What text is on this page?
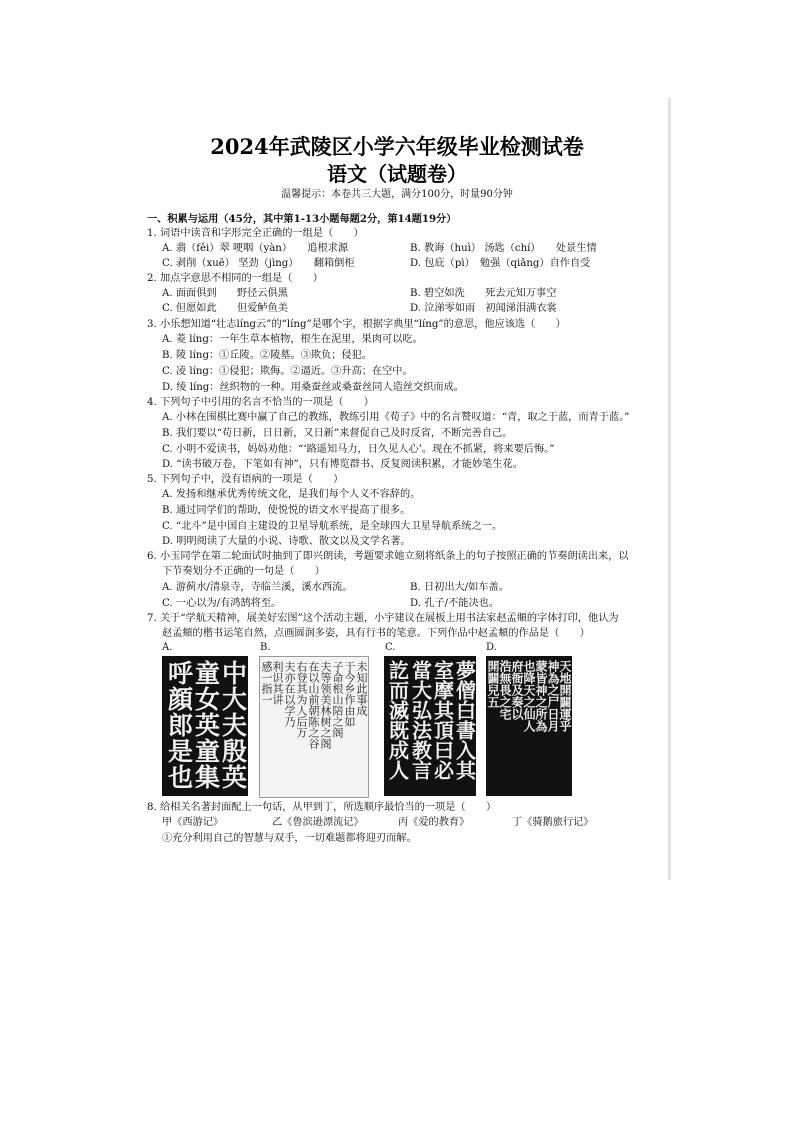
2024年武陵区小学六年级毕业检测试卷
语文（试题卷）
温馨提示：本卷共三大题，满分100分，时量90分钟
一、积累与运用（45分，其中第1-13小题每题2分，第14题19分）
1. 词语中读音和字形完全正确的一组是（　　）
A. 翡（fěi）翠 哽咽（yàn）　　追根求源	B. 教诲（huì） 汤匙（chí）　　处景生情
C. 剥削（xuē） 坚劲（jìng）　　翻箱倒柜	D. 包庇（pì）　勉强（qiǎng）自作自受
2. 加点字意思不相同的一组是（　　）
A. 面面俱到　　野径云俱黑	B. 碧空如洗　　死去元知万事空
C. 但愿如此　　但爱鲈鱼美	D. 泣涕零如雨　初闻涕泪满衣裳
3. 小乐想知道“壮志líng云”的“líng”是哪个字，根据字典里“líng”的意思，他应该选（　　）
A. 菱 líng：一年生草本植物，根生在泥里，果肉可以吃。
B. 陵 líng：①丘陵。②陵墓。③欺负；侵犯。
C. 凌 líng：①侵犯；欺侮。②逼近。③升高；在空中。
D. 绫 líng：丝织物的一种。用桑蚕丝或桑蚕丝同人造丝交织而成。
4. 下列句子中引用的名言不恰当的一项是（　　）
A. 小林在围棋比赛中赢了自己的教练，教练引用《荀子》中的名言赞叹道：“青，取之于蓝，而青于蓝。”
B. 我们要以“苟日新，日日新，又日新”来督促自己及时反省，不断完善自己。
C. 小明不爱读书，妈妈劝他：“‘路遥知马力，日久见人心’。现在不抓紧，将来要后悔。”
D. “读书破万卷，下笔如有神”，只有博览群书、反复阅读积累，才能妙笔生花。
5. 下列句子中，没有语病的一项是（　　）
A. 发扬和继承优秀传统文化，是我们每个人义不容辞的。
B. 通过同学们的帮助，使悦悦的语文水平提高了很多。
C. “北斗”是中国自主建设的卫星导航系统，是全球四大卫星导航系统之一。
D. 明明阅读了大量的小说、诗歌、散文以及文学名著。
6. 小玉同学在第二轮面试时抽到了即兴朗读，考题要求她立刻将纸条上的句子按照正确的节奏朗读出来，以
下节奏划分不正确的一句是（　　）
A. 游蓟水/清泉寺，寺临兰溪，溪水西流。	B. 日初出大/如车盖。
C. 一心以为/有鸿鹄将至。	D. 孔子/不能决也。
7. 关于“学航天精神，展美好宏图”这个活动主题，小宇建议在展板上用书法家赵孟頫的字体打印，他认为
赵孟頫的楷书运笔自然，点画圆润多姿，具有行书的笔意。下列作品中赵孟頫的作品是（　　）
A.	B.	C.	D.
中大夫殷英
童女英童集
呼顔郎是也	未知此事成
于今乡作由如
子命根山陪之阁
夫等领美林树之阁
在以山前朝陈之谷
右登其为人后万
夫亦在以学乃
利识其讲
感一指一	夢僧白書入其
室摩其頂曰必
當大弘法教言
訖而滅既成人	天地開闢運乎
神為之尸日月
蒙皆神之所為
也降天之仙人
府衙及奏以
浩無畏之宅
開闢兒五
8. 给相关名著封面配上一句话，从甲到丁，所选顺序最恰当的一项是（　　）
甲《西游记》	乙《鲁滨逊漂流记》	丙《爱的教育》	丁《骑鹅旅行记》
①充分利用自己的智慧与双手，一切难题都将迎刃而解。
